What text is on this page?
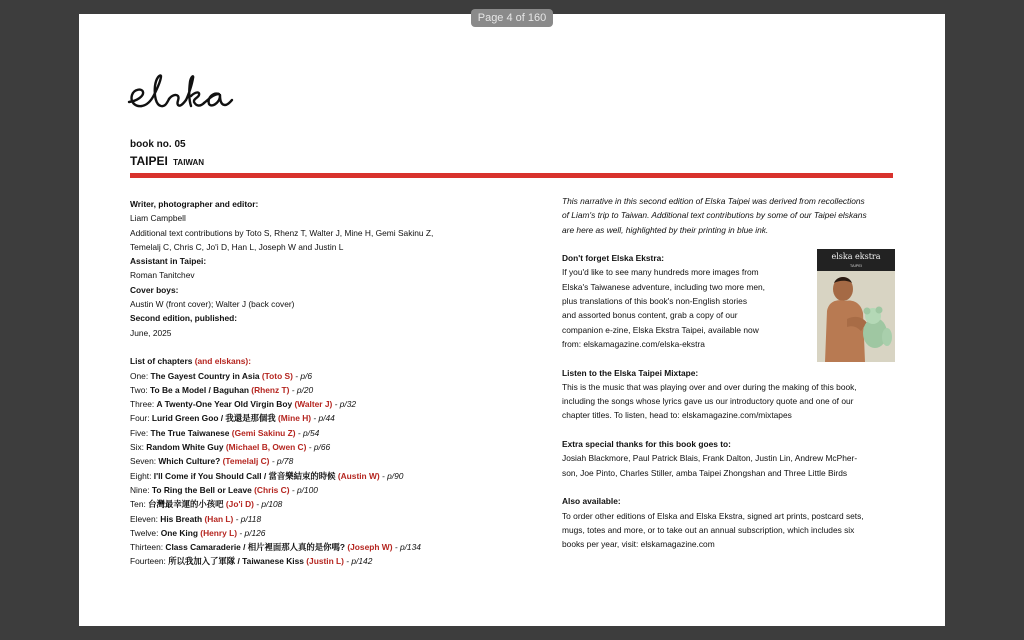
Page 4 of 160
book no. 05
TAIPEI TAIWAN
Writer, photographer and editor:
Liam Campbell
Additional text contributions by Toto S, Rhenz T, Walter J, Mine H, Gemi Sakinu Z,
Temelalj C, Chris C, Jo'i D, Han L, Joseph W and Justin L
Assistant in Taipei:
Roman Tanitchev
Cover boys:
Austin W (front cover); Walter J (back cover)
Second edition, published:
June, 2025
List of chapters (and elskans):
One: The Gayest Country in Asia (Toto S) - p/6
Two: To Be a Model / Baguhan (Rhenz T) - p/20
Three: A Twenty-One Year Old Virgin Boy (Walter J) - p/32
Four: Lurid Green Goo / 我還是那個我 (Mine H) - p/44
Five: The True Taiwanese (Gemi Sakinu Z) - p/54
Six: Random White Guy (Michael B, Owen C) - p/66
Seven: Which Culture? (Temelalj C) - p/78
Eight: I'll Come if You Should Call / 當音樂結束的時候 (Austin W) - p/90
Nine: To Ring the Bell or Leave (Chris C) - p/100
Ten: 台灣最幸運的小孩吧 (Jo'i D) - p/108
Eleven: His Breath (Han L) - p/118
Twelve: One King (Henry L) - p/126
Thirteen: Class Camaraderie / 相片裡面那人真的是你嗎? (Joseph W) - p/134
Fourteen: 所以我加入了軍隊 / Taiwanese Kiss (Justin L) - p/142
This narrative in this second edition of Elska Taipei was derived from recollections
of Liam's trip to Taiwan. Additional text contributions by some of our Taipei elskans
are here as well, highlighted by their printing in blue ink.
Don't forget Elska Ekstra:
If you'd like to see many hundreds more images from
Elska's Taiwanese adventure, including two more men,
plus translations of this book's non-English stories
and assorted bonus content, grab a copy of our
companion e-zine, Elska Ekstra Taipei, available now
from: elskamagazine.com/elska-ekstra
Listen to the Elska Taipei Mixtape:
This is the music that was playing over and over during the making of this book,
including the songs whose lyrics gave us our introductory quote and one of our
chapter titles. To listen, head to: elskamagazine.com/mixtapes
Extra special thanks for this book goes to:
Josiah Blackmore, Paul Patrick Blais, Frank Dalton, Justin Lin, Andrew McPher-
son, Joe Pinto, Charles Stiller, amba Taipei Zhongshan and Three Little Birds
Also available:
To order other editions of Elska and Elska Ekstra, signed art prints, postcard sets,
mugs, totes and more, or to take out an annual subscription, which includes six
books per year, visit: elskamagazine.com
elska ekstra
TAIPEI
